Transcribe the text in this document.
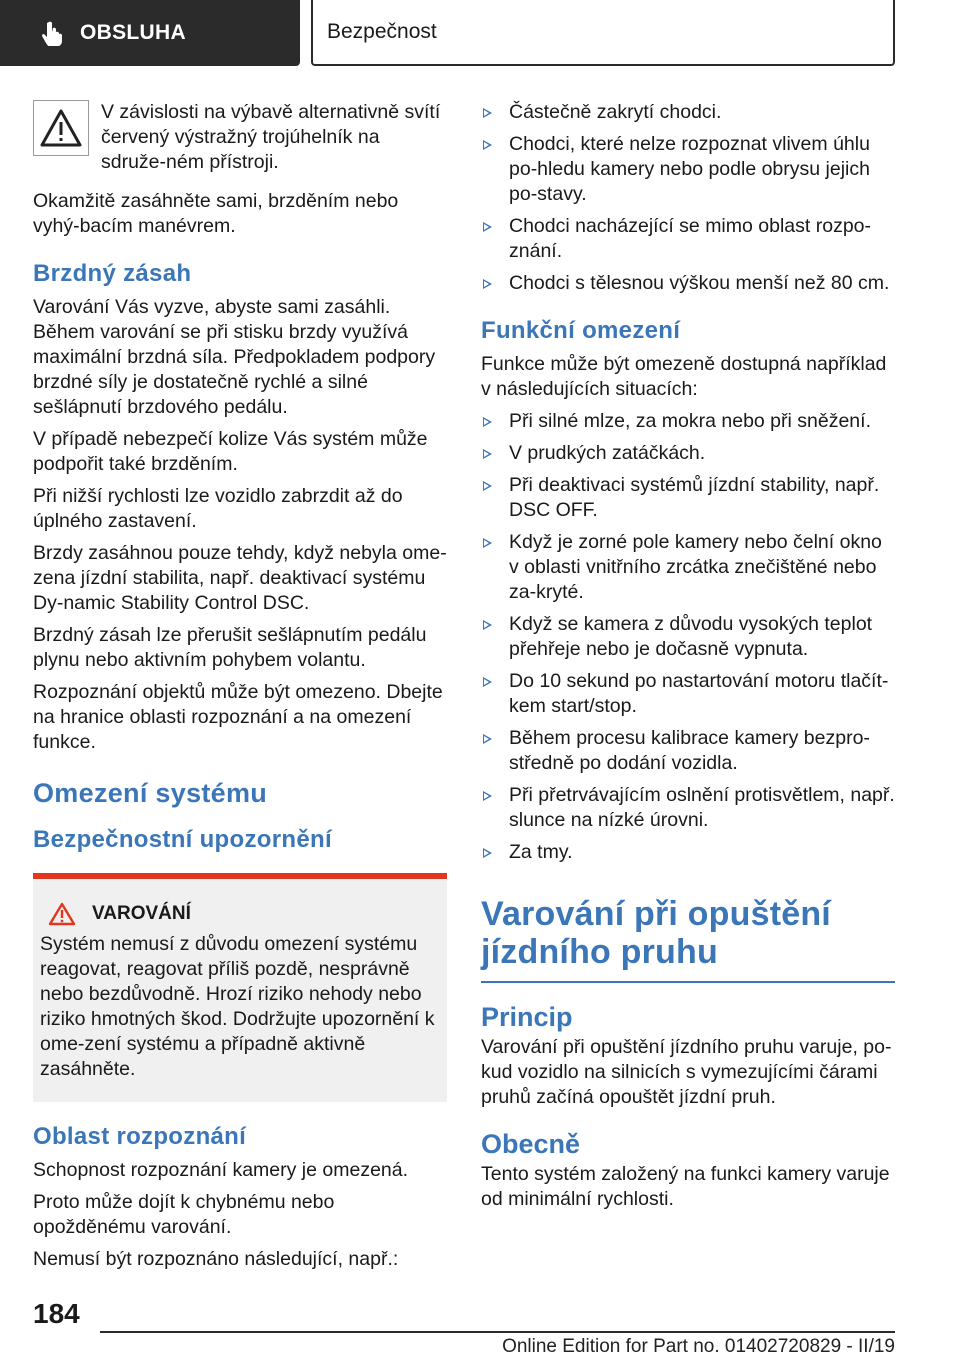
OBSLUHA	Bezpečnost
V závislosti na výbavě alternativně svítí červený výstražný trojúhelník na sdruže-ném přístroji.

Okamžitě zasáhněte sami, brzděním nebo vyhý-bacím manévrem.

Brzdný zásah

Varování Vás vyzve, abyste sami zasáhli. Během varování se při stisku brzdy využívá maximální brzdná síla. Předpokladem podpory brzdné síly je dostatečně rychlé a silné sešlápnutí brzdového pedálu.

V případě nebezpečí kolize Vás systém může podpořit také brzděním.

Při nižší rychlosti lze vozidlo zabrzdit až do úplného zastavení.

Brzdy zasáhnou pouze tehdy, když nebyla ome-zena jízdní stabilita, např. deaktivací systému Dy-namic Stability Control DSC.

Brzdný zásah lze přerušit sešlápnutím pedálu plynu nebo aktivním pohybem volantu.

Rozpoznání objektů může být omezeno. Dbejte na hranice oblasti rozpoznání a na omezení funkce.

Omezení systému
Bezpečnostní upozornění
VAROVÁNÍ
Systém nemusí z důvodu omezení systému reagovat, reagovat příliš pozdě, nesprávně nebo bezdůvodně. Hrozí riziko nehody nebo riziko hmotných škod. Dodržujte upozornění k ome-zení systému a případně aktivně zasáhněte.
Oblast rozpoznání

Schopnost rozpoznání kamery je omezená.

Proto může dojít k chybnému nebo opožděnému varování.

Nemusí být rozpoznáno následující, např.:

Částečně zakrytí chodci.
Chodci, které nelze rozpoznat vlivem úhlu po-hledu kamery nebo podle obrysu jejich po-stavy.
Chodci nacházející se mimo oblast rozpo-znání.
Chodci s tělesnou výškou menší než 80 cm.
Funkční omezení

Funkce může být omezeně dostupná například v následujících situacích:

Při silné mlze, za mokra nebo při sněžení.
V prudkých zatáčkách.
Při deaktivaci systémů jízdní stability, např. DSC OFF.
Když je zorné pole kamery nebo čelní okno v oblasti vnitřního zrcátka znečištěné nebo za-kryté.
Když se kamera z důvodu vysokých teplot přehřeje nebo je dočasně vypnuta.
Do 10 sekund po nastartování motoru tlačít-kem start/stop.
Během procesu kalibrace kamery bezpro-středně po dodání vozidla.
Při přetrvávajícím oslnění protisvětlem, např. slunce na nízké úrovni.
Za tmy.
Varování při opuštění jízdního pruhu
Princip

Varování při opuštění jízdního pruhu varuje, po-kud vozidlo na silnicích s vymezujícími čárami pruhů začíná opouštět jízdní pruh.

Obecně

Tento systém založený na funkci kamery varuje od minimální rychlosti.

184
Online Edition for Part no. 01402720829 - II/19
